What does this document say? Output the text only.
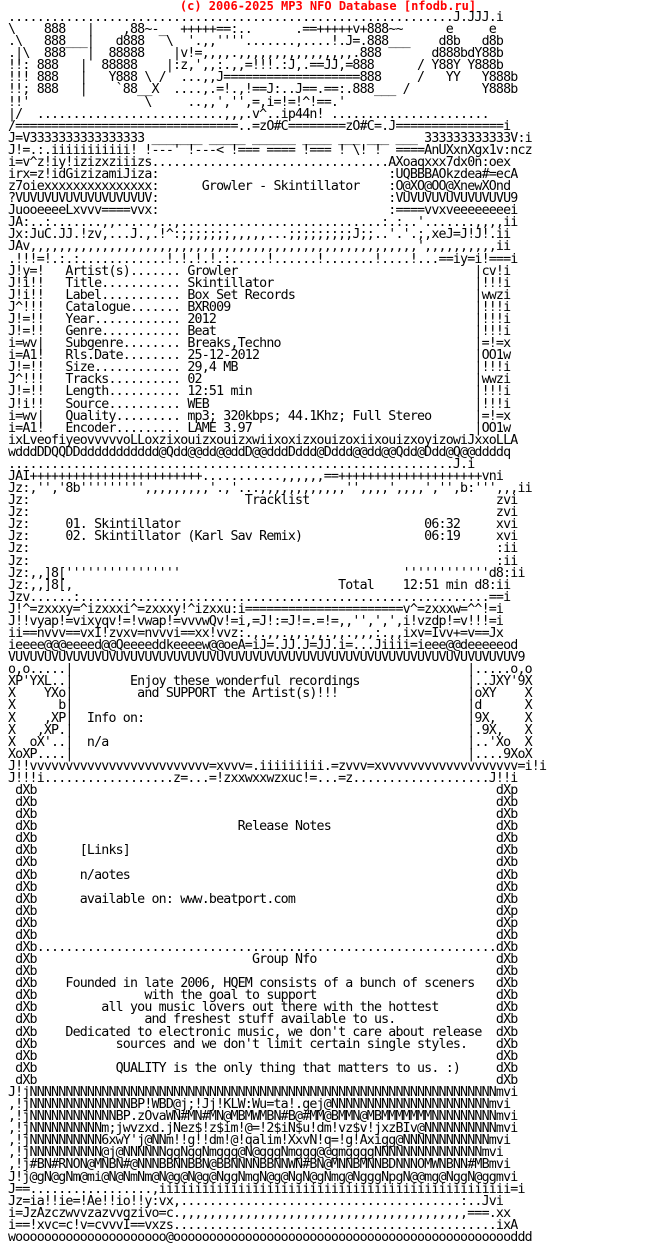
(c) 2006-2025 MP3 NFO Database [nfodb.ru]
..............................................................J.JJJ.i
\    888   |    ,88~-_  +++++==:..      .==+++++v+888~~      e     e
.\   888___|   d888   \  '.,,''''.......,....!.J=.888___    d8b   d8b
.|\  888   |  88888    |v!=,,,,.,,,,,,,,,,,,,,,,.888       d888bdY88b
!!: 888   |  88888    |:z,',,:.,,=!!!.:J,.==JJ,=888      / Y88Y Y888b
!!! 888   |   Y888 \ /  ...,,J===================888     /   YY   Y888b
!!; 888   |    `88__X  ....,.=!.,!==J:..J==.==:.888___ /          Y888b
!!'                \     ..,,','',=,i=!=!^!==.'
|/  ..........................,,,.v^..ip44n! ......................
/===============================..=zO#C========zO#C=.J===============i
J=V3333333333333333 _______ _____ ______ ____ ___ ___ ___ 333333333333V:i
J!=.:.iiiiiiiiiii! !---' !---< !=== ==== !=== ! \! !  ====AnUXxnXgx1v:ncz
i=v^z!iy!izizxziiizs.................................AXoaqxxx7dx0n:oex
irx=z!idGizizamiJiza:                                :UQBBBAOkzdea#=ecA
z7oiexxxxxxxxxxxxxxx:      Growler - Skintillator    :O@XO@OO@XnewXOnd
?VUVUVUVUVUVUVUVUVUV:                                :VUVUVUVUVUVUVUVU9
JuooeeeeLxvvv====vvx:                                :====vvxveeeeeeeei
JA:..:.......,,.....,..,............................:.:..'.......,,,,ii
Jx:JuC.JJ.!zv,...J.,.!^:;;;;;;;,,,,,...;;;;;;;;;J;;..'.'.;,xeJ=J!J!.ii
JAv,,,,,,,,,,,,,,,,,,,,,,,,,,,,,,,,,,,,,,,,,,,,,,,,,,,,,,',,,,,,,,,,ii
.!!!=!.:.:............!.!.!.!.:.....!......!.......!....!...==iy=i!===i
J!y=!   Artist(s)....... Growler                                 |cv!i
J!i!!   Title........... Skintillator                            |!!!i
J!i!!   Label........... Box Set Records                         |wwzi
J^!!!   Catalogue....... BXR009                                  |!!!i
J!=!!   Year............ 2012                                    |!!!i
J!=!!   Genre........... Beat                                    |!!!i
i=wv|   Subgenre........ Breaks,Techno                           |=!=x
i=A1!   Rls.Date........ 25-12-2012                              |OO1w
J!=!!   Size............ 29,4 MB                                 |!!!i
J^!!!   Tracks.......... 02                                      |wwzi
J!=!!   Length.......... 12:51 min                               |!!!i
J!i!!   Source.......... WEB                                     |!!!i
i=wv|   Quality......... mp3; 320kbps; 44.1Khz; Full Stereo      |=!=x
i=A1!   Encoder......... LAME 3.97                               |OO1w
ixLveofiyeovvvvvoLLoxzixouizxouizxwiixoxizxouizoxiixouizxoyizowiJxxoLLA
wdddDDQQDDddddddddddd@Qdd@@dd@@ddD@@dddDddd@Dddd@@dd@@Qdd@Ddd@Q@@ddddq
..............................................................J.i
JAI++++++++++++++++++++++++...........,,,,,,==++++++++++++++++++++vni
Jz:,'','8b''''''''',,,,,,,,,'.,'...,,,,,,,,,,,,'',,,,',,,,','',b:''',,,ii
Jz:                              Tracklist                          zvi
Jz:                                                                 zvi
Jz:     01. Skintillator                                  06:32     xvi
Jz:     02. Skintillator (Karl Sav Remix)                 06:19     xvi
Jz:                                                                 :ii
Jz:                                                                 :ii
Jz:,,]8[''''''''''''''''                               ''''''''''''d8:ii
Jz:,,]8[,                                     Total    12:51 min d8:ii
Jzv......:.........................................................==i
J!^=zxxxy=^izxxxi^=zxxxy!^izxxu:i======================v^=zxxxw=^^!=i
J!!vyap!=vixyqv!=!vwap!=vvvwQv!=i,=J!:=J!=.=!=,,'',',',i!vzdp!=v!!!=i
ii==nvvv==vxI!zvxv=nvvvi==xx!vvz:.,.,,.,,.,,.,,.,,,:.,,ixv=Ivv+=v==Jx
ieeee@@@eeeed@@Qeeeeddkeeeew@@oeA=iJ=.JJ.J=JJ.i=...Jiiii=ieee@@deeeeeod
VUVUVUVUVUVUVUVUVUVUVUVUVUVUVUVUVUVUVUVUVUVUVUVUVUVUVUVUVUVUVUVUVUVUVUV9
o,o.....|                                                       |.....o,o
XP'YXL..|        Enjoy these wonderful recordings               |..JXY'9X
X    YXo|         and SUPPORT the Artist(s)!!!                  |oXY    X
X      b|                                                       |d      X
X    ,XP|  Info on:                                             |9X,    X
X   ,XP.|                                                       |.9X,   X
X  oX'..|  n/a                                                  |..'Xo  X
XoXP....|                                                       |....9XoX
J!!vvvvvvvvvvvvvvvvvvvvvvvvv=xvvv=.iiiiiiiii.=zvvv=xvvvvvvvvvvvvvvvvvvv=i!i
J!!!i..................z=...=!zxxwxxwzxuc!=...=z...................J!!i
dXb                                                                dXp
dXb                                                                dXb
dXb                                                                dXb
dXb                            Release Notes                       dXb
dXb                                                                dXb
dXb      [Links]                                                   dXb
dXb                                                                dXb
dXb      n/aotes                                                   dXb
dXb                                                                dXb
dXb      available on: www.beatport.com                            dXb
dXb                                                                dXp
dXb                                                                dXp
dXb                                                                dXb
dXb................................................................dXb
dXb                              Group Nfo                         dXb
dXb                                                                dXb
dXb    Founded in late 2006, HQEM consists of a bunch of sceners   dXb
dXb               with the goal to support                         dXb
dXb         all you music lovers out there with the hottest        dXb
dXb               and freshest stuff available to us.              dXb
dXb    Dedicated to electronic music, we don't care about release  dXb
dXb           sources and we don't limit certain single styles.    dXb
dXb                                                                dXb
dXb           QUALITY is the only thing that matters to us. :)     dXb
dXb                                                                dXb
J!jNNNNNNNNNNNNNNNNNNNNNNNNNNNNNNNNNNNNNNNNNNNNNNNNNNNNNNNNNNNNNNNNNmvi
,!jNNNNNNNNNNNNNNBP!WBD@j;!Jj!KLW:Wu=ta!.gej@NNNNNNNNNNNNNNNNNNNNNNmvi
,!jNNNNNNNNNNNNBP.zOvaWN#MN#MN@MBMWMBN#B@#MM@BMMN@MBMMMMMMMNNNNNNNNNmvi
,!jNNNNNNNNNNm;jwvzxd.jNez$!z$im!@=!2$iN$u!dm!vz$v!jxzBIv@NNNNNNNNNNmvi
,!jNNNNNNNNNN6xwY'j@NNm!!g!!dm!@!qalim!XxvN!q=!g!Axigg@NNNNNNNNNNNNmvi
,!jNNNNNNNNNN@j@NNNNNNggNggNmggg@N@gggNmggg@@gmggggNNNNNNNNNNNNNNNmvi
,!j#BN#RNON@MNBN#@NNNBBNNBBN@BBNNNNBBNNWN#BN@MNNBMNNBDNNNOMWNBNN#MBmvi
J!j@gN@gNm@mi@N@NmNm@N@g@N@g@NggNmgN@g@NgN@gNmg@NgggNpgN@@mg@NggN@ggmvi
J==.................,iiiiiiiiiiiiiiiiiiiiiiiiiiiiiiiiiiiiiiiiiiiiiiiii=i
Jz=ia!!ie=!Ae!!io!!y:vx,.......................................:..Jvi
i=JzAzczwvvzazvvgzivo=c.,,,,,,,,,,,,,,,,,,,,,,,,,,,,,,,,,,,,,,,,===.xx
i==!xvc=c!v=cvvvI==vxzs.............................................ixA
wooooooooooooooooooooo@oooooooooooooooooooooooooooooooooooooooooooooooddd
